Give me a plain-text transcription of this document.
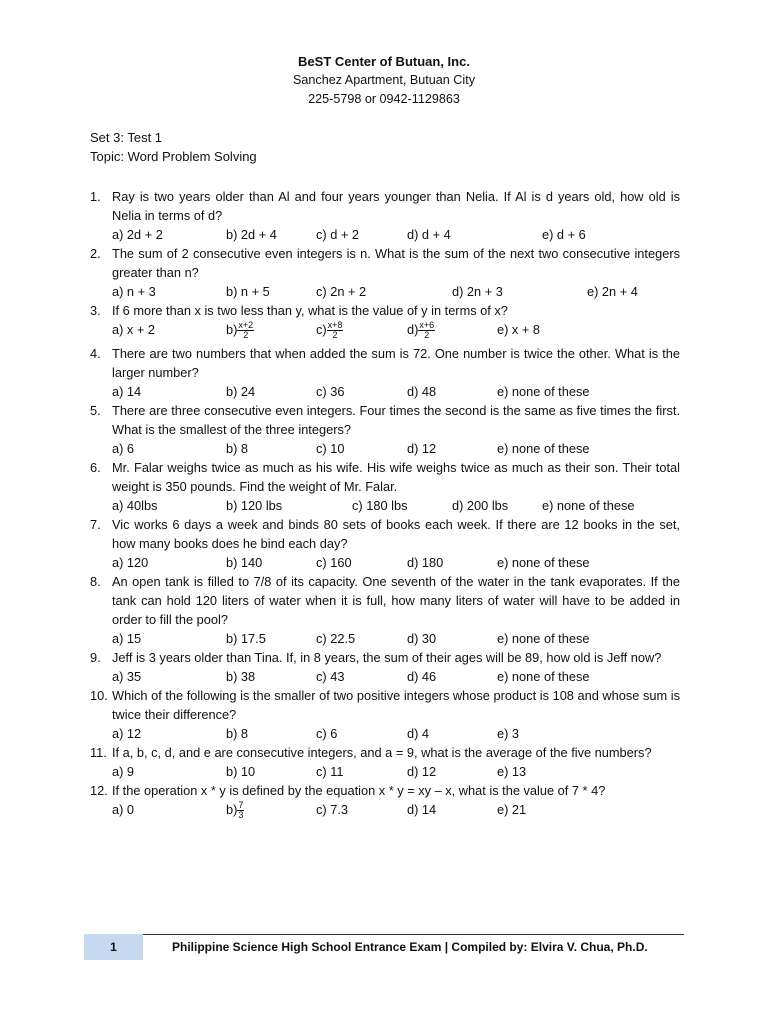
BeST Center of Butuan, Inc.
Sanchez Apartment, Butuan City
225-5798 or 0942-1129863
Set 3: Test 1
Topic: Word Problem Solving
1. Ray is two years older than Al and four years younger than Nelia. If Al is d years old, how old is Nelia in terms of d?
a) 2d + 2	b) 2d + 4	c) d + 2	d) d + 4	e) d + 6
2. The sum of 2 consecutive even integers is n. What is the sum of the next two consecutive integers greater than n?
a) n + 3	b) n + 5	c) 2n + 2	d) 2n + 3	e) 2n + 4
3. If 6 more than x is two less than y, what is the value of y in terms of x?
a) x + 2	$b) \frac{x+2}{2}$	$c) \frac{x+8}{2}$	$d) \frac{x+6}{2}$	e) x + 8
4. There are two numbers that when added the sum is 72. One number is twice the other. What is the larger number?
a) 14	b) 24	c) 36	d) 48	e) none of these
5. There are three consecutive even integers. Four times the second is the same as five times the first. What is the smallest of the three integers?
a) 6	b) 8	c) 10	d) 12	e) none of these
6. Mr. Falar weighs twice as much as his wife. His wife weighs twice as much as their son. Their total weight is 350 pounds. Find the weight of Mr. Falar.
a) 40lbs	b) 120 lbs	c) 180 lbs	d) 200 lbs	e) none of these
7. Vic works 6 days a week and binds 80 sets of books each week. If there are 12 books in the set, how many books does he bind each day?
a) 120	b) 140	c) 160	d) 180	e) none of these
8. An open tank is filled to 7/8 of its capacity. One seventh of the water in the tank evaporates. If the tank can hold 120 liters of water when it is full, how many liters of water will have to be added in order to fill the pool?
a) 15	b) 17.5	c) 22.5	d) 30	e) none of these
9. Jeff is 3 years older than Tina. If, in 8 years, the sum of their ages will be 89, how old is Jeff now?
a) 35	b) 38	c) 43	d) 46	e) none of these
10. Which of the following is the smaller of two positive integers whose product is 108 and whose sum is twice their difference?
a) 12	b) 8	c) 6	d) 4	e) 3
11. If a, b, c, d, and e are consecutive integers, and a = 9, what is the average of the five numbers?
a) 9	b) 10	c) 11	d) 12	e) 13
12. If the operation x * y is defined by the equation x * y = xy – x, what is the value of 7 * 4?
a) 0	$b) \frac{7}{3}$	c) 7.3	d) 14	e) 21
1	Philippine Science High School Entrance Exam | Compiled by: Elvira V. Chua, Ph.D.
